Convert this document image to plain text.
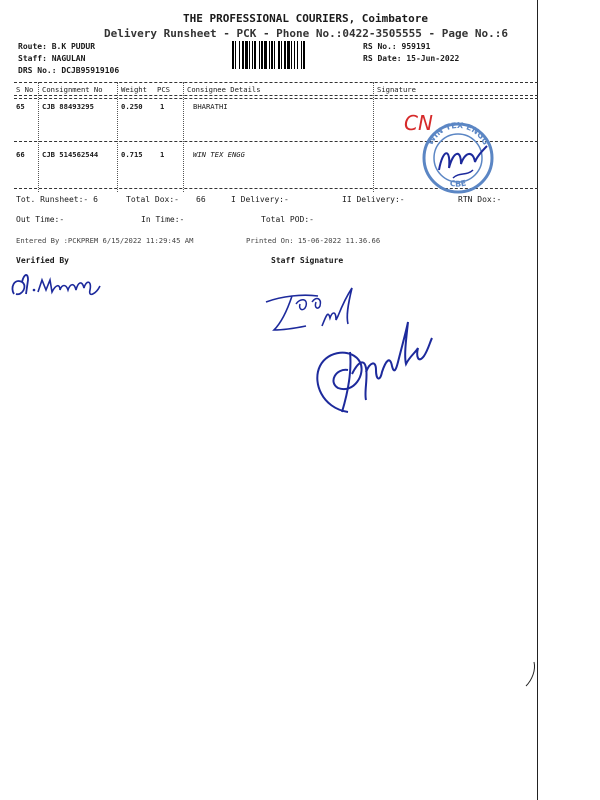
THE PROFESSIONAL COURIERS, Coimbatore
Delivery Runsheet - PCK - Phone No.:0422-3505555 - Page No.:6
Route: B.K PUDUR
Staff: NAGULAN
DRS No.: DCJB95919106
RS No.: 959191
RS Date: 15-Jun-2022
S No Consignment No	Weight PCS Consignee Details	Signature
65 CJB 88493295	0.250 1	BHARATHI
66 CJB 514562544	0.715 1	WIN TEX ENGG
CN
WIN TEX ENGG
CBE
Tot. Runsheet:- 6	Total Dox:- 66	I Delivery:-	II Delivery:-	RTN Dox:-
Out Time:-	In Time:-	Total POD:-
Entered By :PCKPREM 6/15/2022 11:29:45 AM	Printed On: 15-06-2022 11.36.66
Verified By	Staff Signature
